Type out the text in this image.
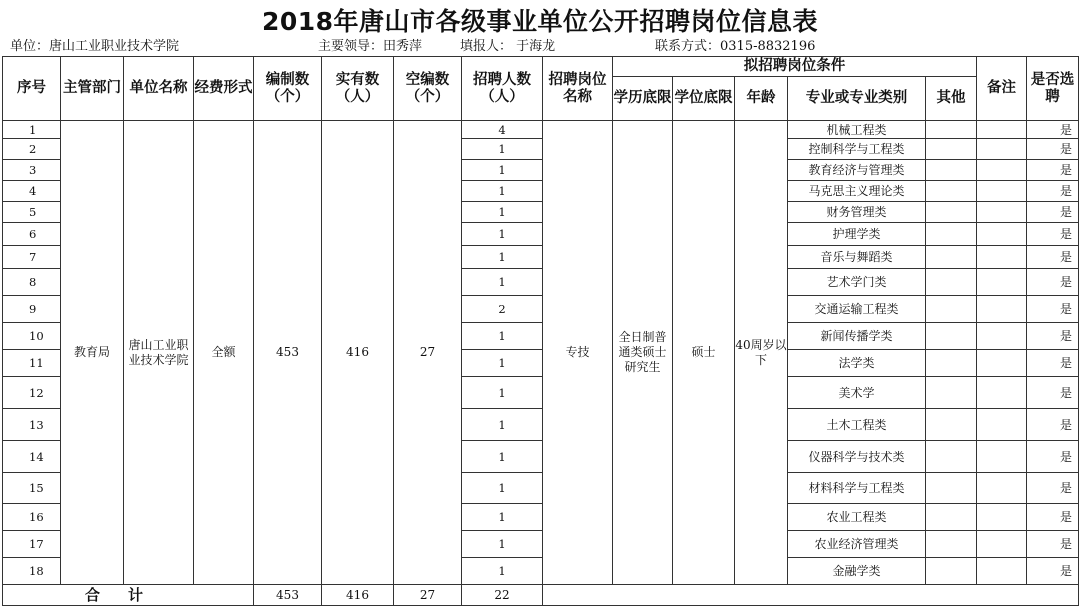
2018年唐山市各级事业单位公开招聘岗位信息表
单位：唐山工业职业技术学院	主要领导：田秀萍	填报人： 于海龙	联系方式：0315-8832196
序号	主管部门	单位名称	经费形式	编制数（个）	实有数（人）	空编数（个）	招聘人数（人）	招聘岗位名称	拟招聘岗位条件					备注	是否选聘
									学历底限	学位底限	年龄	专业或专业类别	其他		
1	教育局	唐山工业职业技术学院	全额	453	416	27	4	专技	全日制普通类硕士研究生	硕士	40周岁以下	机械工程类			是
2							1					控制科学与工程类			是
3							1					教育经济与管理类			是
4							1					马克思主义理论类			是
5							1					财务管理类			是
6							1					护理学类			是
7							1					音乐与舞蹈类			是
8							1					艺术学门类			是
9							2					交通运输工程类			是
10							1					新闻传播学类			是
11							1					法学类			是
12							1					美术学			是
13							1					土木工程类			是
14							1					仪器科学与技术类			是
15							1					材料科学与工程类			是
16							1					农业工程类			是
17							1					农业经济管理类			是
18							1					金融学类			是
合计				453	416	27	22								
